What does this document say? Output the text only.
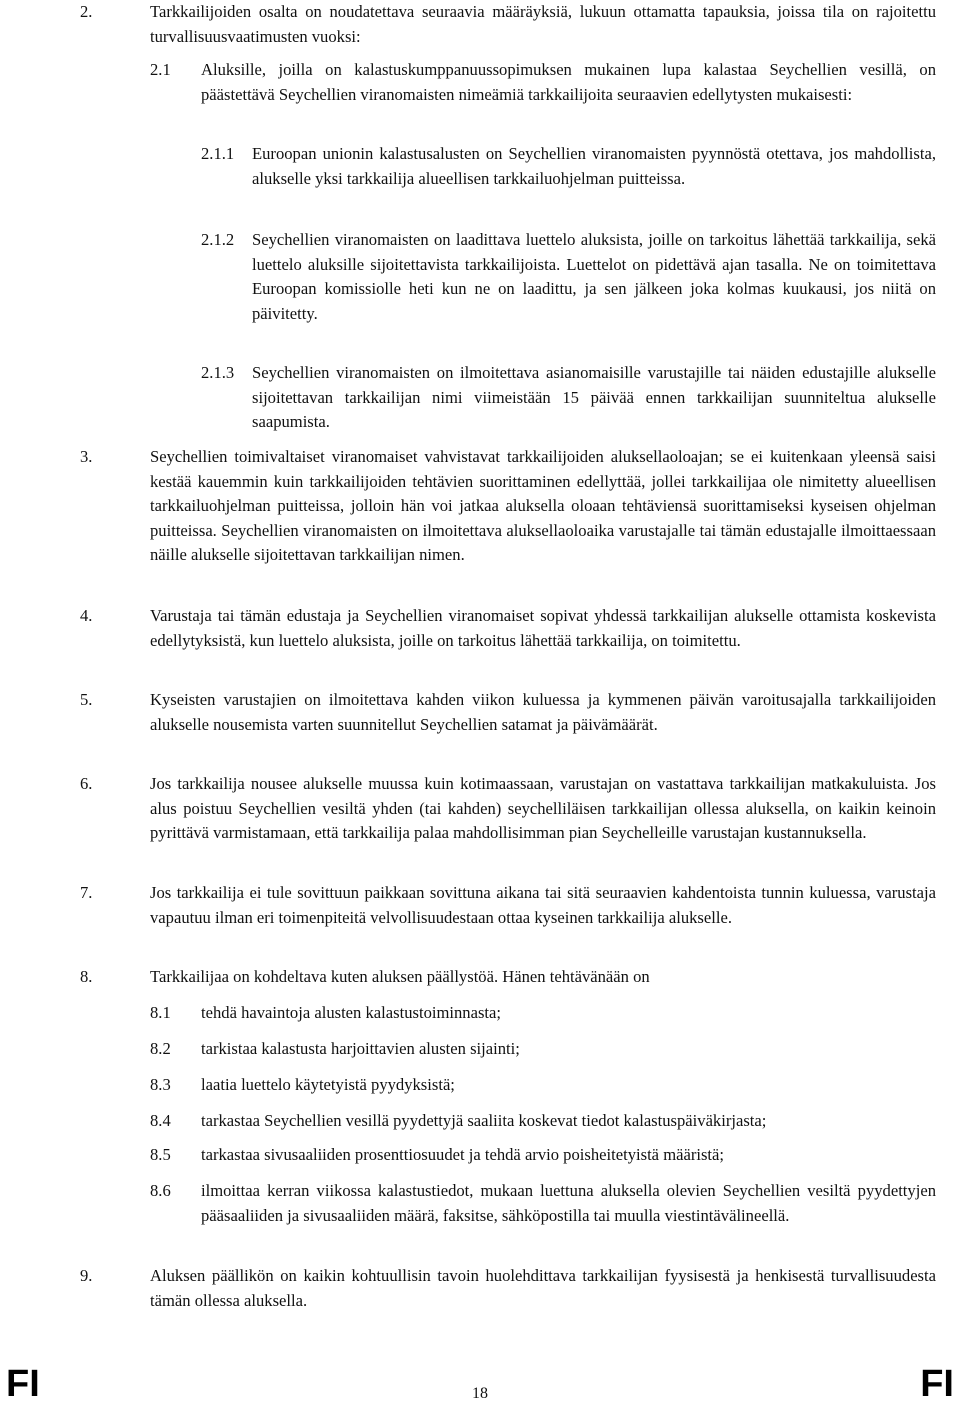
2.	Tarkkailijoiden osalta on noudatettava seuraavia määräyksiä, lukuun ottamatta tapauksia, joissa tila on rajoitettu turvallisuusvaatimusten vuoksi:
2.1 Aluksille, joilla on kalastuskumppanuussopimuksen mukainen lupa kalastaa Seychellien vesillä, on päästettävä Seychellien viranomaisten nimeämiä tarkkailijoita seuraavien edellytysten mukaisesti:
2.1.1 Euroopan unionin kalastusalusten on Seychellien viranomaisten pyynnöstä otettava, jos mahdollista, alukselle yksi tarkkailija alueellisen tarkkailuohjelman puitteissa.
2.1.2 Seychellien viranomaisten on laadittava luettelo aluksista, joille on tarkoitus lähettää tarkkailija, sekä luettelo aluksille sijoitettavista tarkkailijoista. Luettelot on pidettävä ajan tasalla. Ne on toimitettava Euroopan komissiolle heti kun ne on laadittu, ja sen jälkeen joka kolmas kuukausi, jos niitä on päivitetty.
2.1.3 Seychellien viranomaisten on ilmoitettava asianomaisille varustajille tai näiden edustajille alukselle sijoitettavan tarkkailijan nimi viimeistään 15 päivää ennen tarkkailijan suunniteltua alukselle saapumista.
3.	Seychellien toimivaltaiset viranomaiset vahvistavat tarkkailijoiden aluksellaoloajan; se ei kuitenkaan yleensä saisi kestää kauemmin kuin tarkkailijoiden tehtävien suorittaminen edellyttää, jollei tarkkailijaa ole nimitetty alueellisen tarkkailuohjelman puitteissa, jolloin hän voi jatkaa aluksella oloaan tehtäviensä suorittamiseksi kyseisen ohjelman puitteissa. Seychellien viranomaisten on ilmoitettava aluksellaoloaika varustajalle tai tämän edustajalle ilmoittaessaan näille alukselle sijoitettavan tarkkailijan nimen.
4.	Varustaja tai tämän edustaja ja Seychellien viranomaiset sopivat yhdessä tarkkailijan alukselle ottamista koskevista edellytyksistä, kun luettelo aluksista, joille on tarkoitus lähettää tarkkailija, on toimitettu.
5.	Kyseisten varustajien on ilmoitettava kahden viikon kuluessa ja kymmenen päivän varoitusajalla tarkkailijoiden alukselle nousemista varten suunnitellut Seychellien satamat ja päivämäärät.
6.	Jos tarkkailija nousee alukselle muussa kuin kotimaassaan, varustajan on vastattava tarkkailijan matkakuluista. Jos alus poistuu Seychellien vesiltä yhden (tai kahden) seychelliläisen tarkkailijan ollessa aluksella, on kaikin keinoin pyrittävä varmistamaan, että tarkkailija palaa mahdollisimman pian Seychelleille varustajan kustannuksella.
7.	Jos tarkkailija ei tule sovittuun paikkaan sovittuna aikana tai sitä seuraavien kahdentoista tunnin kuluessa, varustaja vapautuu ilman eri toimenpiteitä velvollisuudestaan ottaa kyseinen tarkkailija alukselle.
8.	Tarkkailijaa on kohdeltava kuten aluksen päällystöä. Hänen tehtävänään on
8.1 tehdä havaintoja alusten kalastustoiminnasta;
8.2 tarkistaa kalastusta harjoittavien alusten sijainti;
8.3 laatia luettelo käytetyistä pyydyksistä;
8.4 tarkastaa Seychellien vesillä pyydettyjä saaliita koskevat tiedot kalastuspäiväkirjasta;
8.5 tarkastaa sivusaaliiden prosenttiosuudet ja tehdä arvio poisheitetyistä määristä;
8.6 ilmoittaa kerran viikossa kalastustiedot, mukaan luettuna aluksella olevien Seychellien vesiltä pyydettyjen pääsaaliiden ja sivusaaliiden määrä, faksitse, sähköpostilla tai muulla viestintävälineellä.
9.	Aluksen päällikön on kaikin kohtuullisin tavoin huolehdittava tarkkailijan fyysisestä ja henkisestä turvallisuudesta tämän ollessa aluksella.
FI	18	FI
